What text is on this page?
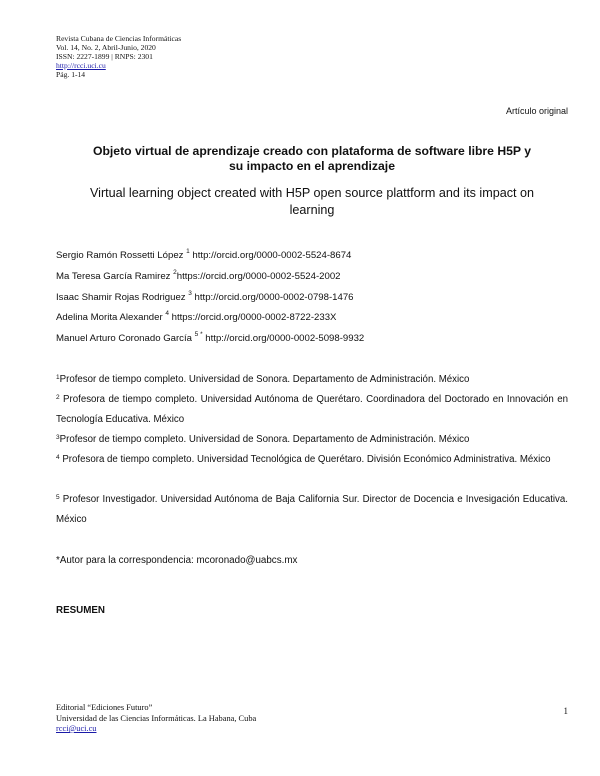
Revista Cubana de Ciencias Informáticas
Vol. 14, No. 2, Abril-Junio, 2020
ISSN: 2227-1899 | RNPS: 2301
http://rcci.uci.cu
Pág. 1-14
Artículo original
Objeto virtual de aprendizaje creado con plataforma de software libre H5P y
su impacto en el aprendizaje
Virtual learning object created with H5P open source plattform and its impact on
learning
Sergio Ramón Rossetti López $^1$ http://orcid.org/0000-0002-5524-8674
Ma Teresa García Ramirez $^2$https://orcid.org/0000-0002-5524-2002
Isaac Shamir Rojas Rodriguez $^3$ http://orcid.org/0000-0002-0798-1476
Adelina Morita Alexander $^4$ https://orcid.org/0000-0002-8722-233X
Manuel Arturo Coronado García $^{5 *}$ http://orcid.org/0000-0002-5098-9932
$^1$Profesor de tiempo completo. Universidad de Sonora. Departamento de Administración. México
$^2$ Profesora de tiempo completo. Universidad Autónoma de Querétaro. Coordinadora del Doctorado en Innovación en Tecnología Educativa. México
$^3$Profesor de tiempo completo. Universidad de Sonora. Departamento de Administración. México
$^4$ Profesora de tiempo completo. Universidad Tecnológica de Querétaro. División Económico Administrativa. México
$^5$ Profesor Investigador. Universidad Autónoma de Baja California Sur. Director de Docencia e Invesigación Educativa. México
*Autor para la correspondencia: mcoronado@uabcs.mx
RESUMEN
Editorial “Ediciones Futuro”
Universidad de las Ciencias Informáticas. La Habana, Cuba
rcci@uci.cu
1
